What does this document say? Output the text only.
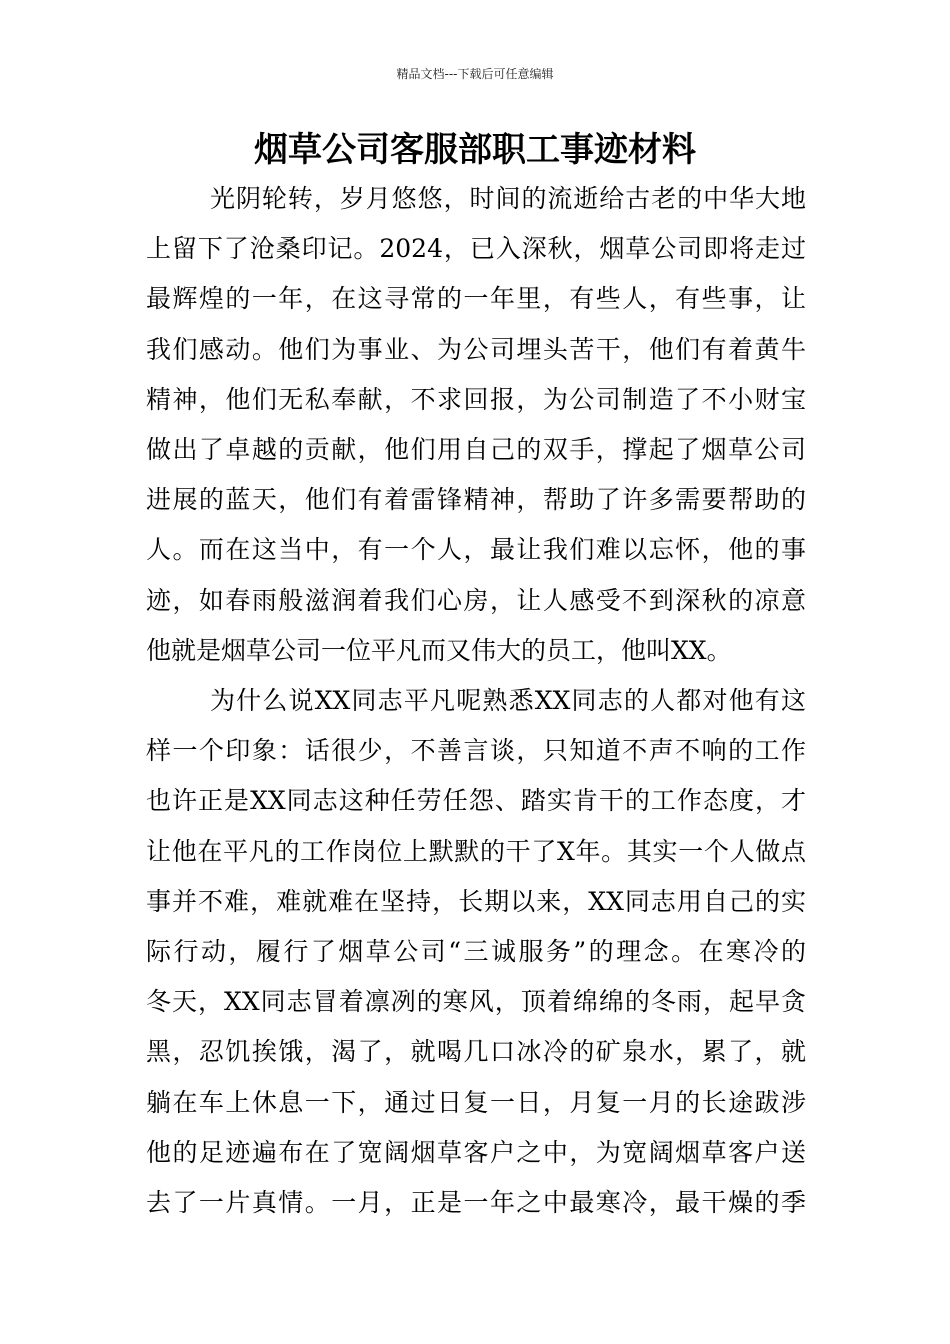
精品文档---下载后可任意编辑
烟草公司客服部职工事迹材料
光阴轮转，岁月悠悠，时间的流逝给古老的中华大地
上留下了沧桑印记。2024，已入深秋，烟草公司即将走过
最辉煌的一年，在这寻常的一年里，有些人，有些事，让
我们感动。他们为事业、为公司埋头苦干，他们有着黄牛
精神，他们无私奉献，不求回报，为公司制造了不小财宝
做出了卓越的贡献，他们用自己的双手，撑起了烟草公司
进展的蓝天，他们有着雷锋精神，帮助了许多需要帮助的
人。而在这当中，有一个人，最让我们难以忘怀，他的事
迹，如春雨般滋润着我们心房，让人感受不到深秋的凉意
他就是烟草公司一位平凡而又伟大的员工，他叫XX。
为什么说XX同志平凡呢熟悉XX同志的人都对他有这
样一个印象：话很少，不善言谈，只知道不声不响的工作
也许正是XX同志这种任劳任怨、踏实肯干的工作态度，才
让他在平凡的工作岗位上默默的干了X年。其实一个人做点
事并不难，难就难在坚持，长期以来，XX同志用自己的实
际行动，履行了烟草公司“三诚服务”的理念。在寒冷的
冬天，XX同志冒着凛冽的寒风，顶着绵绵的冬雨，起早贪
黑，忍饥挨饿，渴了，就喝几口冰冷的矿泉水，累了，就
躺在车上休息一下，通过日复一日，月复一月的长途跋涉
他的足迹遍布在了宽阔烟草客户之中，为宽阔烟草客户送
去了一片真情。一月，正是一年之中最寒冷，最干燥的季
